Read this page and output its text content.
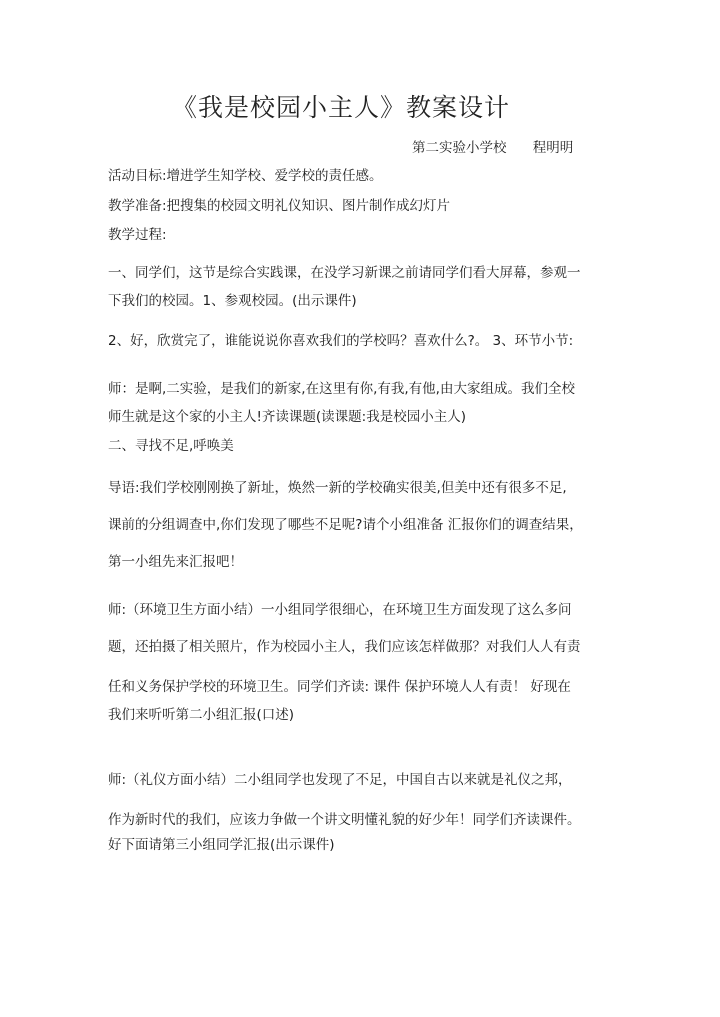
《我是校园小主人》教案设计
第二实验小学校 程明明
活动目标:增进学生知学校、爱学校的责任感。
教学准备:把搜集的校园文明礼仪知识、图片制作成幻灯片
教学过程:
一、同学们，这节是综合实践课，在没学习新课之前请同学们看大屏幕，参观一
下我们的校园。1、参观校园。(出示课件)
2、好，欣赏完了，谁能说说你喜欢我们的学校吗？喜欢什么?。 3、环节小节:
师：是啊,二实验，是我们的新家,在这里有你,有我,有他,由大家组成。我们全校
师生就是这个家的小主人!齐读课题(读课题:我是校园小主人)
二、寻找不足,呼唤美
导语:我们学校刚刚换了新址，焕然一新的学校确实很美,但美中还有很多不足,
课前的分组调查中,你们发现了哪些不足呢?请个小组准备 汇报你们的调查结果，
第一小组先来汇报吧！
师:（环境卫生方面小结）一小组同学很细心，在环境卫生方面发现了这么多问
题，还拍摄了相关照片，作为校园小主人，我们应该怎样做那？对我们人人有责
任和义务保护学校的环境卫生。同学们齐读: 课件 保护环境人人有责！ 好现在
我们来听听第二小组汇报(口述)
师:（礼仪方面小结）二小组同学也发现了不足，中国自古以来就是礼仪之邦，
作为新时代的我们，应该力争做一个讲文明懂礼貌的好少年！同学们齐读课件。
好下面请第三小组同学汇报(出示课件)
